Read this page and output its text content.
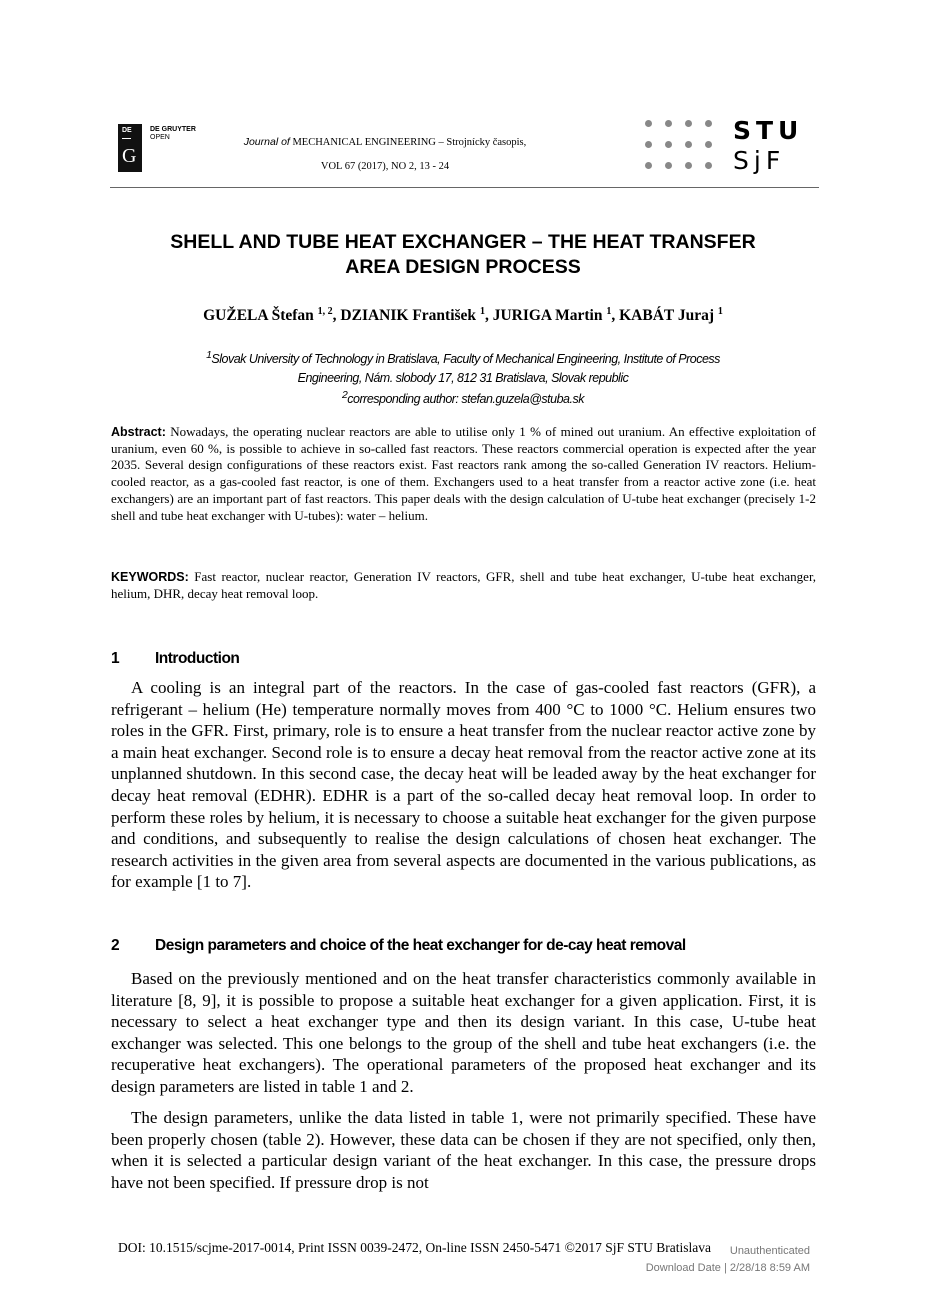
DE
G
DE GRUYTER
OPEN	Journal of MECHANICAL ENGINEERING – Strojnícky časopis,
VOL 67 (2017), NO 2, 13 - 24
STU
SjF
SHELL AND TUBE HEAT EXCHANGER – THE HEAT TRANSFER
AREA DESIGN PROCESS
GUŽELA Štefan $^{1, 2}$, DZIANIK František $^1$, JURIGA Martin $^1$, KABÁT Juraj $^1$
$^1$Slovak University of Technology in Bratislava, Faculty of Mechanical Engineering, Institute of Process
Engineering, Nám. slobody 17, 812 31 Bratislava, Slovak republic
$^2$corresponding author: stefan.guzela@stuba.sk
Abstract: Nowadays, the operating nuclear reactors are able to utilise only 1 % of mined out uranium. An effective exploitation of uranium, even 60 %, is possible to achieve in so-called fast reactors. These reactors commercial operation is expected after the year 2035. Several design configurations of these reactors exist. Fast reactors rank among the so-called Generation IV reactors. Helium-cooled reactor, as a gas-cooled fast reactor, is one of them. Exchangers used to a heat transfer from a reactor active zone (i.e. heat exchangers) are an important part of fast reactors. This paper deals with the design calculation of U-tube heat exchanger (precisely 1-2 shell and tube heat exchanger with U-tubes): water – helium.
KEYWORDS: Fast reactor, nuclear reactor, Generation IV reactors, GFR, shell and tube heat exchanger, U-tube heat exchanger, helium, DHR, decay heat removal loop.
1 Introduction
A cooling is an integral part of the reactors. In the case of gas-cooled fast reactors (GFR), a refrigerant – helium (He) temperature normally moves from 400 °C to 1000 °C. Helium ensures two roles in the GFR. First, primary, role is to ensure a heat transfer from the nuclear reactor active zone by a main heat exchanger. Second role is to ensure a decay heat removal from the reactor active zone at its unplanned shutdown. In this second case, the decay heat will be leaded away by the heat exchanger for decay heat removal (EDHR). EDHR is a part of the so-called decay heat removal loop. In order to perform these roles by helium, it is necessary to choose a suitable heat exchanger for the given purpose and conditions, and subsequently to realise the design calculations of chosen heat exchanger. The research activities in the given area from several aspects are documented in the various publications, as for example [1 to 7].
2 Design parameters and choice of the heat exchanger for de-cay heat removal
Based on the previously mentioned and on the heat transfer characteristics commonly available in literature [8, 9], it is possible to propose a suitable heat exchanger for a given application. First, it is necessary to select a heat exchanger type and then its design variant. In this case, U-tube heat exchanger was selected. This one belongs to the group of the shell and tube heat exchangers (i.e. the recuperative heat exchangers). The operational parameters of the proposed heat exchanger and its design parameters are listed in table 1 and 2.
The design parameters, unlike the data listed in table 1, were not primarily specified. These have been properly chosen (table 2). However, these data can be chosen if they are not specified, only then, when it is selected a particular design variant of the heat exchanger. In this case, the pressure drops have not been specified. If pressure drop is not
DOI: 10.1515/scjme-2017-0014, Print ISSN 0039-2472, On-line ISSN 2450-5471 ©2017 SjF STU Bratislava	Unauthenticated
Download Date | 2/28/18 8:59 AM
